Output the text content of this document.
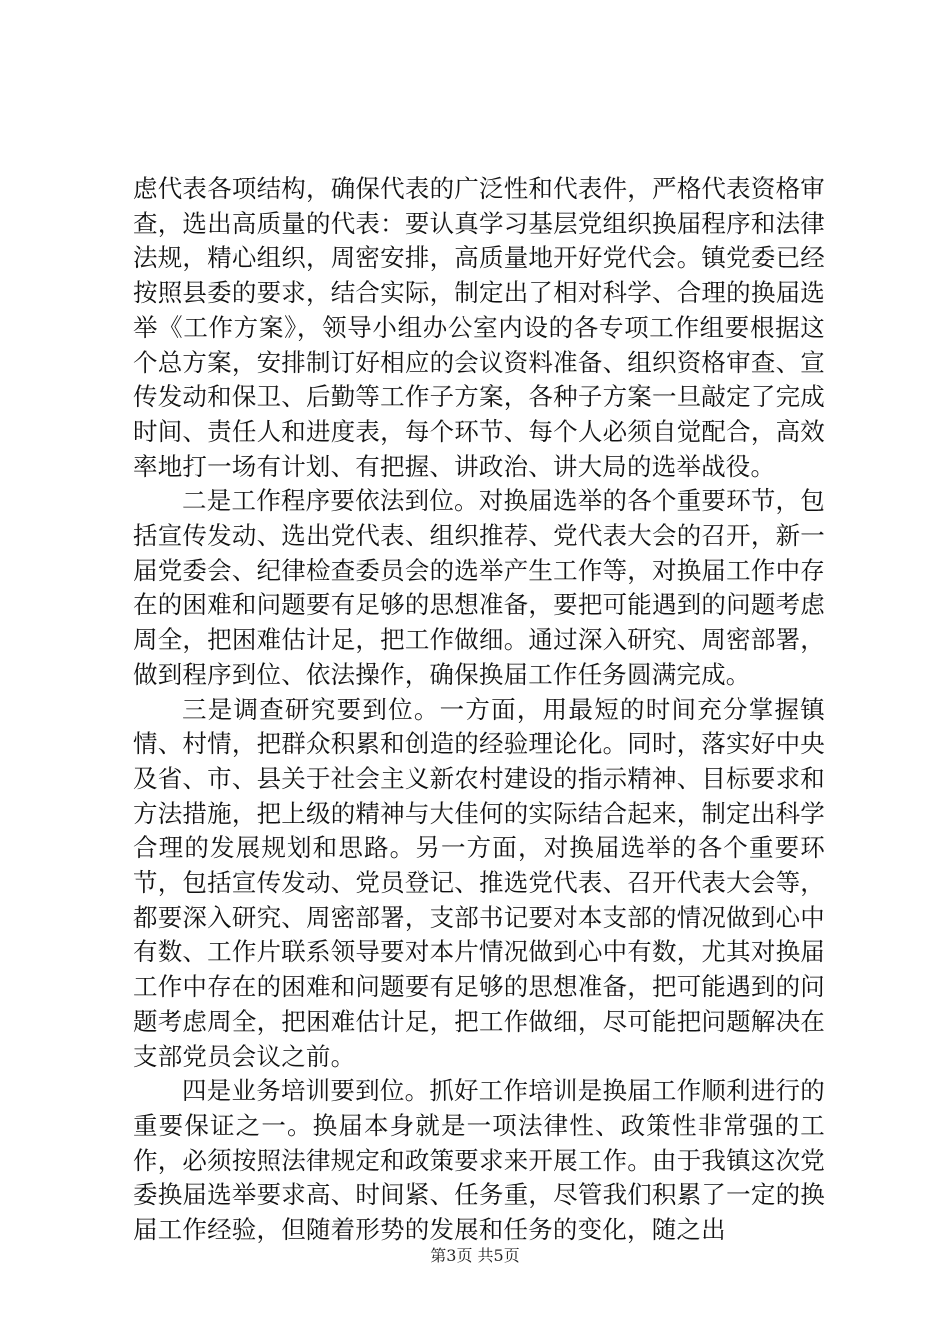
虑代表各项结构，确保代表的广泛性和代表件，严格代表资格审查，选出高质量的代表：要认真学习基层党组织换届程序和法律法规，精心组织，周密安排，高质量地开好党代会。镇党委已经按照县委的要求，结合实际，制定出了相对科学、合理的换届选举《工作方案》，领导小组办公室内设的各专项工作组要根据这个总方案，安排制订好相应的会议资料准备、组织资格审查、宣传发动和保卫、后勤等工作子方案，各种子方案一旦敲定了完成时间、责任人和进度表，每个环节、每个人必须自觉配合，高效率地打一场有计划、有把握、讲政治、讲大局的选举战役。

二是工作程序要依法到位。对换届选举的各个重要环节，包括宣传发动、选出党代表、组织推荐、党代表大会的召开，新一届党委会、纪律检查委员会的选举产生工作等，对换届工作中存在的困难和问题要有足够的思想准备，要把可能遇到的问题考虑周全，把困难估计足，把工作做细。通过深入研究、周密部署，做到程序到位、依法操作，确保换届工作任务圆满完成。

三是调查研究要到位。一方面，用最短的时间充分掌握镇情、村情，把群众积累和创造的经验理论化。同时，落实好中央及省、市、县关于社会主义新农村建设的指示精神、目标要求和方法措施，把上级的精神与大佳何的实际结合起来，制定出科学合理的发展规划和思路。另一方面，对换届选举的各个重要环节，包括宣传发动、党员登记、推选党代表、召开代表大会等，都要深入研究、周密部署，支部书记要对本支部的情况做到心中有数、工作片联系领导要对本片情况做到心中有数，尤其对换届工作中存在的困难和问题要有足够的思想准备，把可能遇到的问题考虑周全，把困难估计足，把工作做细，尽可能把问题解决在支部党员会议之前。

四是业务培训要到位。抓好工作培训是换届工作顺利进行的重要保证之一。换届本身就是一项法律性、政策性非常强的工作，必须按照法律规定和政策要求来开展工作。由于我镇这次党委换届选举要求高、时间紧、任务重，尽管我们积累了一定的换届工作经验，但随着形势的发展和任务的变化，随之出

第3页 共5页
